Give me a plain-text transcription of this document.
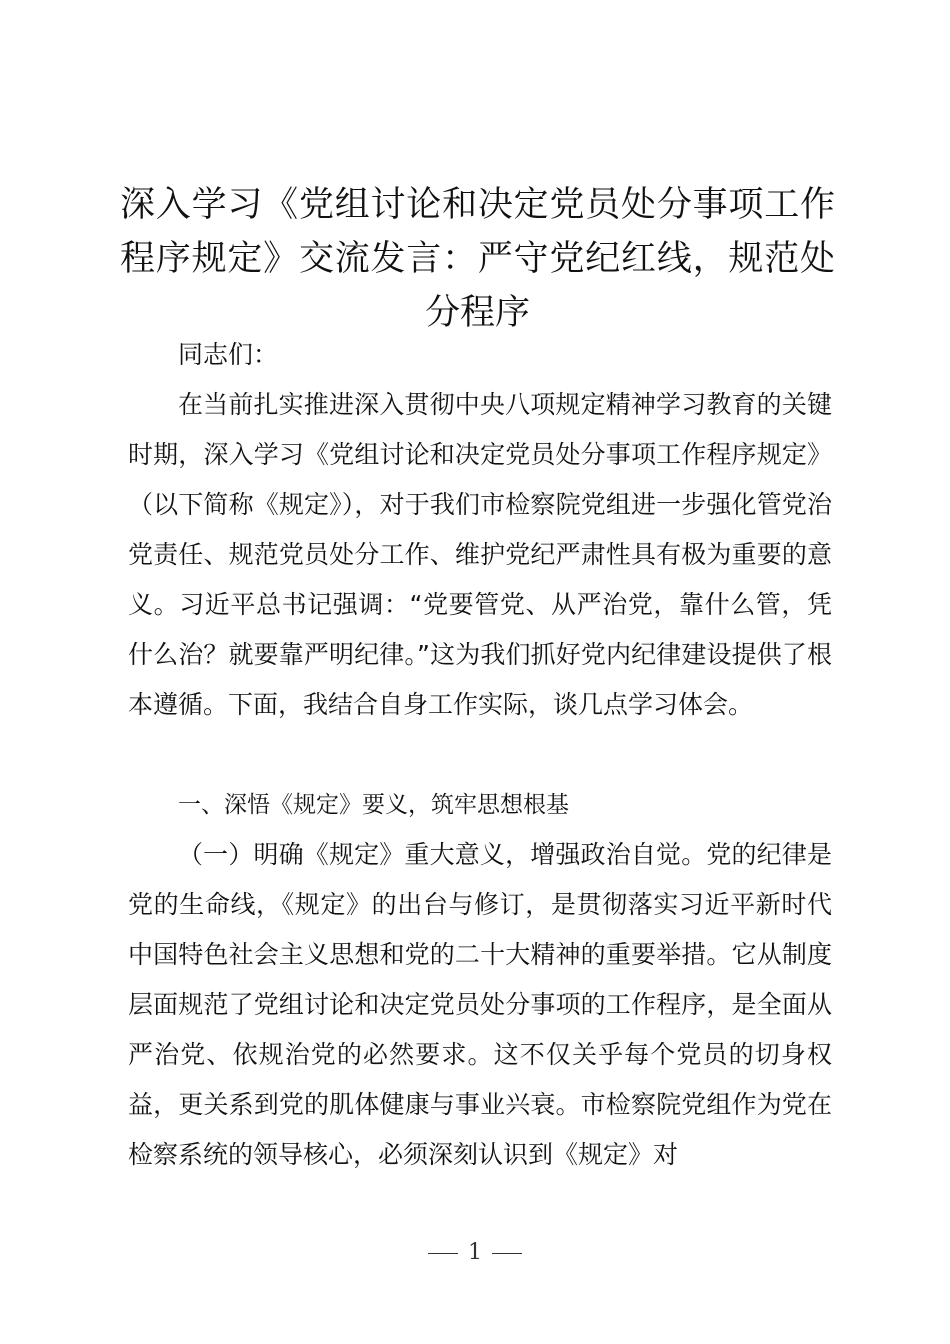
深入学习《党组讨论和决定党员处分事项工作程序规定》交流发言：严守党纪红线，规范处分程序

同志们：

在当前扎实推进深入贯彻中央八项规定精神学习教育的关键时期，深入学习《党组讨论和决定党员处分事项工作程序规定》（以下简称《规定》），对于我们市检察院党组进一步强化管党治党责任、规范党员处分工作、维护党纪严肃性具有极为重要的意义。习近平总书记强调：“党要管党、从严治党，靠什么管，凭什么治？就要靠严明纪律。”这为我们抓好党内纪律建设提供了根本遵循。下面，我结合自身工作实际，谈几点学习体会。

一、深悟《规定》要义，筑牢思想根基

（一）明确《规定》重大意义，增强政治自觉。党的纪律是党的生命线，《规定》的出台与修订，是贯彻落实习近平新时代中国特色社会主义思想和党的二十大精神的重要举措。它从制度层面规范了党组讨论和决定党员处分事项的工作程序，是全面从严治党、依规治党的必然要求。这不仅关乎每个党员的切身权益，更关系到党的肌体健康与事业兴衰。市检察院党组作为党在检察系统的领导核心，必须深刻认识到《规定》对

1
